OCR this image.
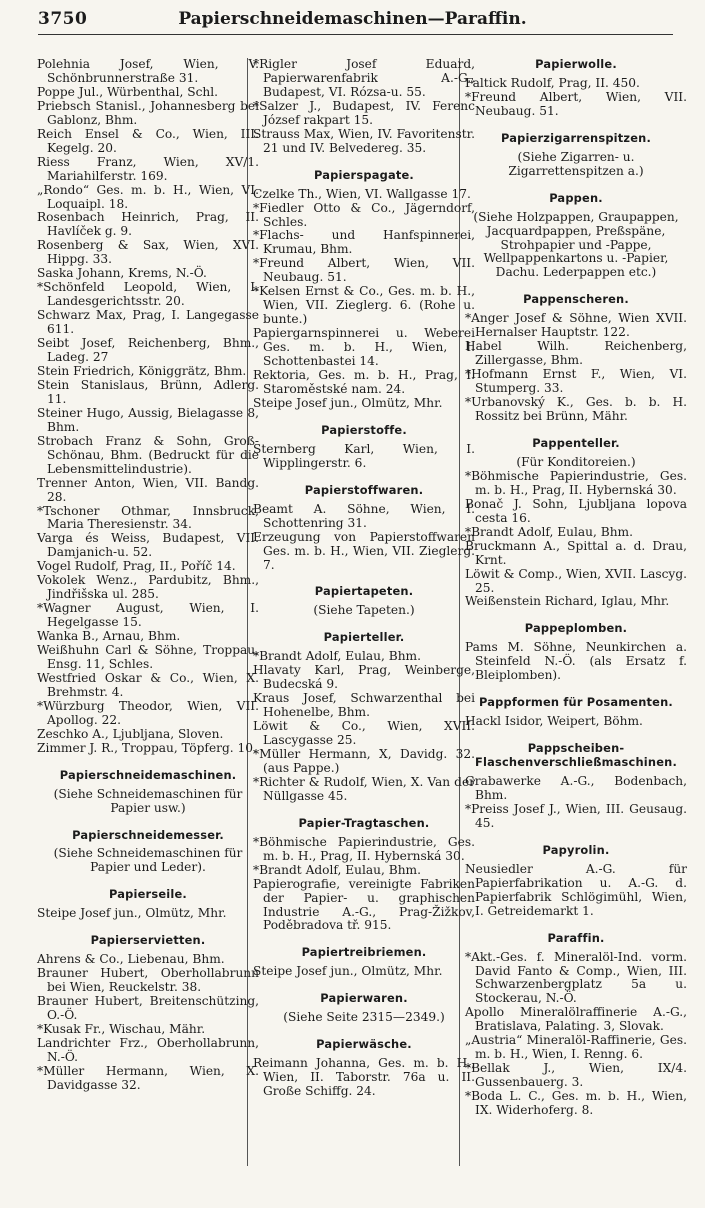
3750	Papierschneidemaschinen—Paraffin.
Polehnia Josef, Wien, V. Schönbrunnerstraße 31.
Poppe Jul., Würbenthal, Schl.
Priebsch Stanisl., Johannesberg bei Gablonz, Bhm.
Reich Ensel & Co., Wien, III. Kegelg. 20.
Riess Franz, Wien, XV/1. Mariahilferstr. 169.
„Rondo“ Ges. m. b. H., Wien, VI. Loquaipl. 18.
Rosenbach Heinrich, Prag, II. Havlíček g. 9.
Rosenberg & Sax, Wien, XVI. Hippg. 33.
Saska Johann, Krems, N.-Ö.
*Schönfeld Leopold, Wien, I. Landesgerichtsstr. 20.
Schwarz Max, Prag, I. Langegasse 611.
Seibt Josef, Reichenberg, Bhm., Ladeg. 27
Stein Friedrich, Königgrätz, Bhm.
Stein Stanislaus, Brünn, Adlerg. 11.
Steiner Hugo, Aussig, Bielagasse 8, Bhm.
Strobach Franz & Sohn, Groß-Schönau, Bhm. (Bedruckt für die Lebensmittelindustrie).
Trenner Anton, Wien, VII. Bandg. 28.
*Tschoner Othmar, Innsbruck, Maria Theresienstr. 34.
Varga és Weiss, Budapest, VII. Damjanich-u. 52.
Vogel Rudolf, Prag, II., Poříč 14.
Vokolek Wenz., Pardubitz, Bhm., Jindřišska ul. 285.
*Wagner August, Wien, I. Hegelgasse 15.
Wanka B., Arnau, Bhm.
Weißhuhn Carl & Söhne, Troppau, Ensg. 11, Schles.
Westfried Oskar & Co., Wien, X. Brehmstr. 4.
*Würzburg Theodor, Wien, VII. Apollog. 22.
Zeschko A., Ljubljana, Sloven.
Zimmer J. R., Troppau, Töpferg. 10.
Papierschneidemaschinen.
(Siehe Schneidemaschinen für Papier usw.)
Papierschneidemesser.
(Siehe Schneidemaschinen für Papier und Leder).
Papierseile.
Steipe Josef jun., Olmütz, Mhr.
Papierservietten.
Ahrens & Co., Liebenau, Bhm.
Brauner Hubert, Oberhollabrunn bei Wien, Reuckelstr. 38.
Brauner Hubert, Breitenschützing, O.-Ö.
*Kusak Fr., Wischau, Mähr.
Landrichter Frz., Oberhollabrunn, N.-Ö.
*Müller Hermann, Wien, X. Davidgasse 32.
*Rigler Josef Eduard, Papierwarenfabrik A.-G., Budapest, VI. Rózsa-u. 55.
*Salzer J., Budapest, IV. Ferenc József rakpart 15.
Strauss Max, Wien, IV. Favoritenstr. 21 und IV. Belvedereg. 35.
Papierspagate.
Czelke Th., Wien, VI. Wallgasse 17.
*Fiedler Otto & Co., Jägerndorf, Schles.
*Flachs- und Hanfspinnerei, Krumau, Bhm.
*Freund Albert, Wien, VII. Neubaug. 51.
*Kelsen Ernst & Co., Ges. m. b. H., Wien, VII. Zieglerg. 6. (Rohe u. bunte.)
Papiergarnspinnerei u. Weberei Ges. m. b. H., Wien, I. Schottenbastei 14.
Rektoria, Ges. m. b. H., Prag, I. Staroměstské nam. 24.
Steipe Josef jun., Olmütz, Mhr.
Papierstoffe.
Sternberg Karl, Wien, I. Wipplingerstr. 6.
Papierstoffwaren.
Beamt A. Söhne, Wien, I. Schottenring 31.
Erzeugung von Papierstoffwaren Ges. m. b. H., Wien, VII. Zieglerg. 7.
Papiertapeten.
(Siehe Tapeten.)
Papierteller.
*Brandt Adolf, Eulau, Bhm.
Hlavaty Karl, Prag, Weinberge, Budecská 9.
Kraus Josef, Schwarzenthal bei Hohenelbe, Bhm.
Löwit & Co., Wien, XVII. Lascygasse 25.
*Müller Hermann, X, Davidg. 32. (aus Pappe.)
*Richter & Rudolf, Wien, X. Van der Nüllgasse 45.
Papier-Tragtaschen.
*Böhmische Papierindustrie, Ges. m. b. H., Prag, II. Hybernská 30.
*Brandt Adolf, Eulau, Bhm.
Papierografie, vereinigte Fabriken der Papier- u. graphischen Industrie A.-G., Prag-Žižkov, Poděbradova tř. 915.
Papiertreibriemen.
Steipe Josef jun., Olmütz, Mhr.
Papierwaren.
(Siehe Seite 2315—2349.)
Papierwäsche.
Reimann Johanna, Ges. m. b. H., Wien, II. Taborstr. 76a u. II. Große Schiffg. 24.
Papierwolle.
Faltick Rudolf, Prag, II. 450.
*Freund Albert, Wien, VII. Neubaug. 51.
Papierzigarrenspitzen.
(Siehe Zigarren- u. Zigarrettenspitzen a.)
Pappen.
(Siehe Holzpappen, Graupappen, Jacquardpappen, Preßspäne, Strohpapier und -Pappe, Wellpappenkartons u. -Papier, Dachu. Lederpappen etc.)
Pappenscheren.
*Anger Josef & Söhne, Wien XVII. Hernalser Hauptstr. 122.
Habel Wilh. Reichenberg, Zillergasse, Bhm.
*Hofmann Ernst F., Wien, VI. Stumperg. 33.
*Urbanovský K., Ges. b. b. H. Rossitz bei Brünn, Mähr.
Pappenteller.
(Für Konditoreien.)
*Böhmische Papierindustrie, Ges. m. b. H., Prag, II. Hybernská 30.
Bonač J. Sohn, Ljubljana lopova cesta 16.
*Brandt Adolf, Eulau, Bhm.
Bruckmann A., Spittal a. d. Drau, Krnt.
Löwit & Comp., Wien, XVII. Lascyg. 25.
Weißenstein Richard, Iglau, Mhr.
Pappeplomben.
Pams M. Söhne, Neunkirchen a. Steinfeld N.-Ö. (als Ersatz f. Bleiplomben).
Pappformen für Posamenten.
Hackl Isidor, Weipert, Böhm.
Pappscheiben-Flaschenverschließmaschinen.
Grabawerke A.-G., Bodenbach, Bhm.
*Preiss Josef J., Wien, III. Geusaug. 45.
Papyrolin.
Neusiedler A.-G. für Papierfabrikation u. A.-G. d. Papierfabrik Schlögimühl, Wien, I. Getreidemarkt 1.
Paraffin.
*Akt.-Ges. f. Mineralöl-Ind. vorm. David Fanto & Comp., Wien, III. Schwarzenbergplatz 5a u. Stockerau, N.-Ö.
Apollo Mineralölraffinerie A.-G., Bratislava, Palating. 3, Slovak.
„Austria“ Mineralöl-Raffinerie, Ges. m. b. H., Wien, I. Renng. 6.
*Bellak J., Wien, IX/4. Gussenbauerg. 3.
*Boda L. C., Ges. m. b. H., Wien, IX. Widerhoferg. 8.
